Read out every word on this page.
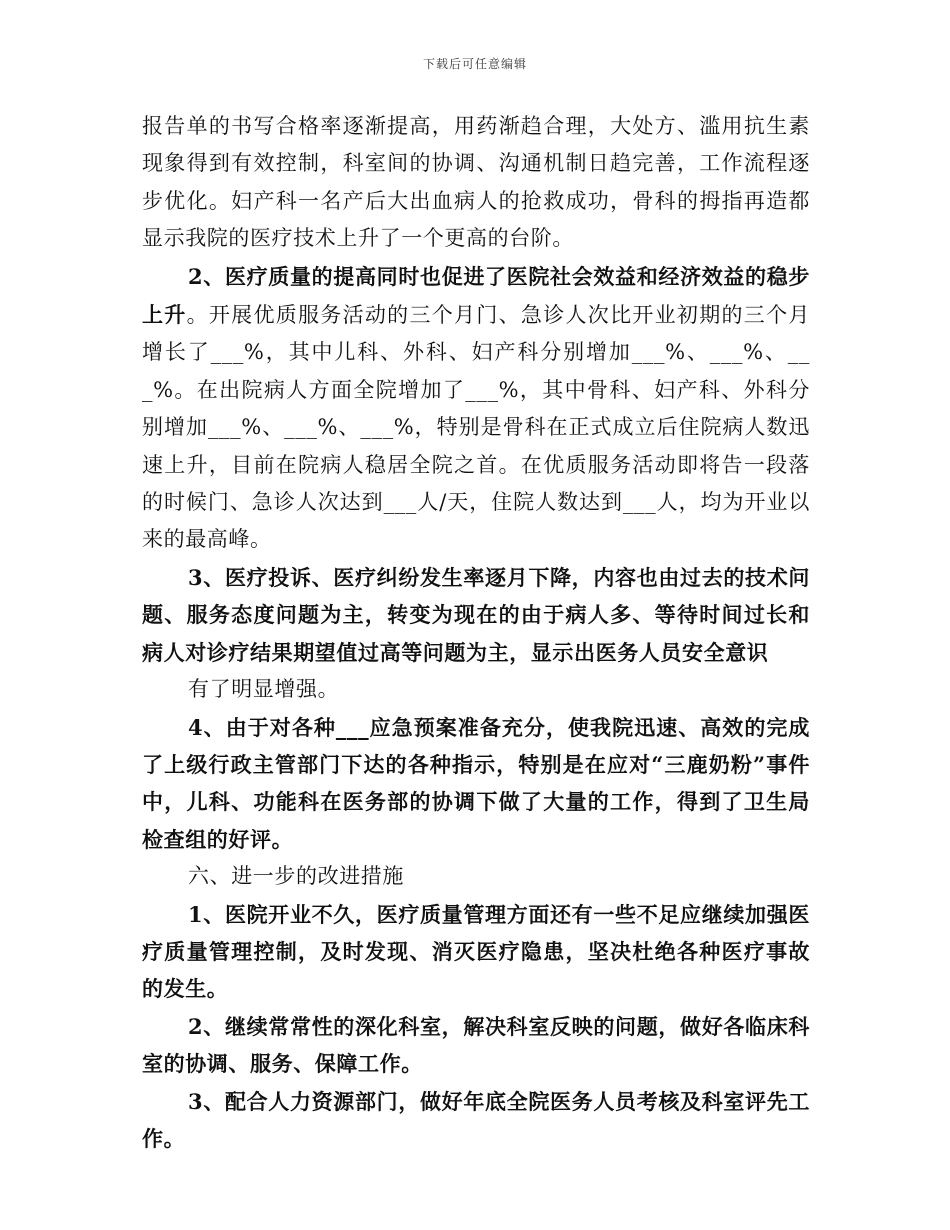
下载后可任意编辑

报告单的书写合格率逐渐提高，用药渐趋合理，大处方、滥用抗生素现象得到有效控制，科室间的协调、沟通机制日趋完善，工作流程逐步优化。妇产科一名产后大出血病人的抢救成功，骨科的拇指再造都显示我院的医疗技术上升了一个更高的台阶。

2、医疗质量的提高同时也促进了医院社会效益和经济效益的稳步上升。开展优质服务活动的三个月门、急诊人次比开业初期的三个月增长了___%，其中儿科、外科、妇产科分别增加___%、___%、___%。在出院病人方面全院增加了___%，其中骨科、妇产科、外科分别增加___%、___%、___%，特别是骨科在正式成立后住院病人数迅速上升，目前在院病人稳居全院之首。在优质服务活动即将告一段落的时候门、急诊人次达到___人/天，住院人数达到___人，均为开业以来的最高峰。

3、医疗投诉、医疗纠纷发生率逐月下降，内容也由过去的技术问题、服务态度问题为主，转变为现在的由于病人多、等待时间过长和病人对诊疗结果期望值过高等问题为主，显示出医务人员安全意识

有了明显增强。

4、由于对各种___应急预案准备充分，使我院迅速、高效的完成了上级行政主管部门下达的各种指示，特别是在应对“三鹿奶粉”事件中，儿科、功能科在医务部的协调下做了大量的工作，得到了卫生局检查组的好评。

六、进一步的改进措施

1、医院开业不久，医疗质量管理方面还有一些不足应继续加强医疗质量管理控制，及时发现、消灭医疗隐患，坚决杜绝各种医疗事故的发生。

2、继续常常性的深化科室，解决科室反映的问题，做好各临床科室的协调、服务、保障工作。

3、配合人力资源部门，做好年底全院医务人员考核及科室评先工作。
